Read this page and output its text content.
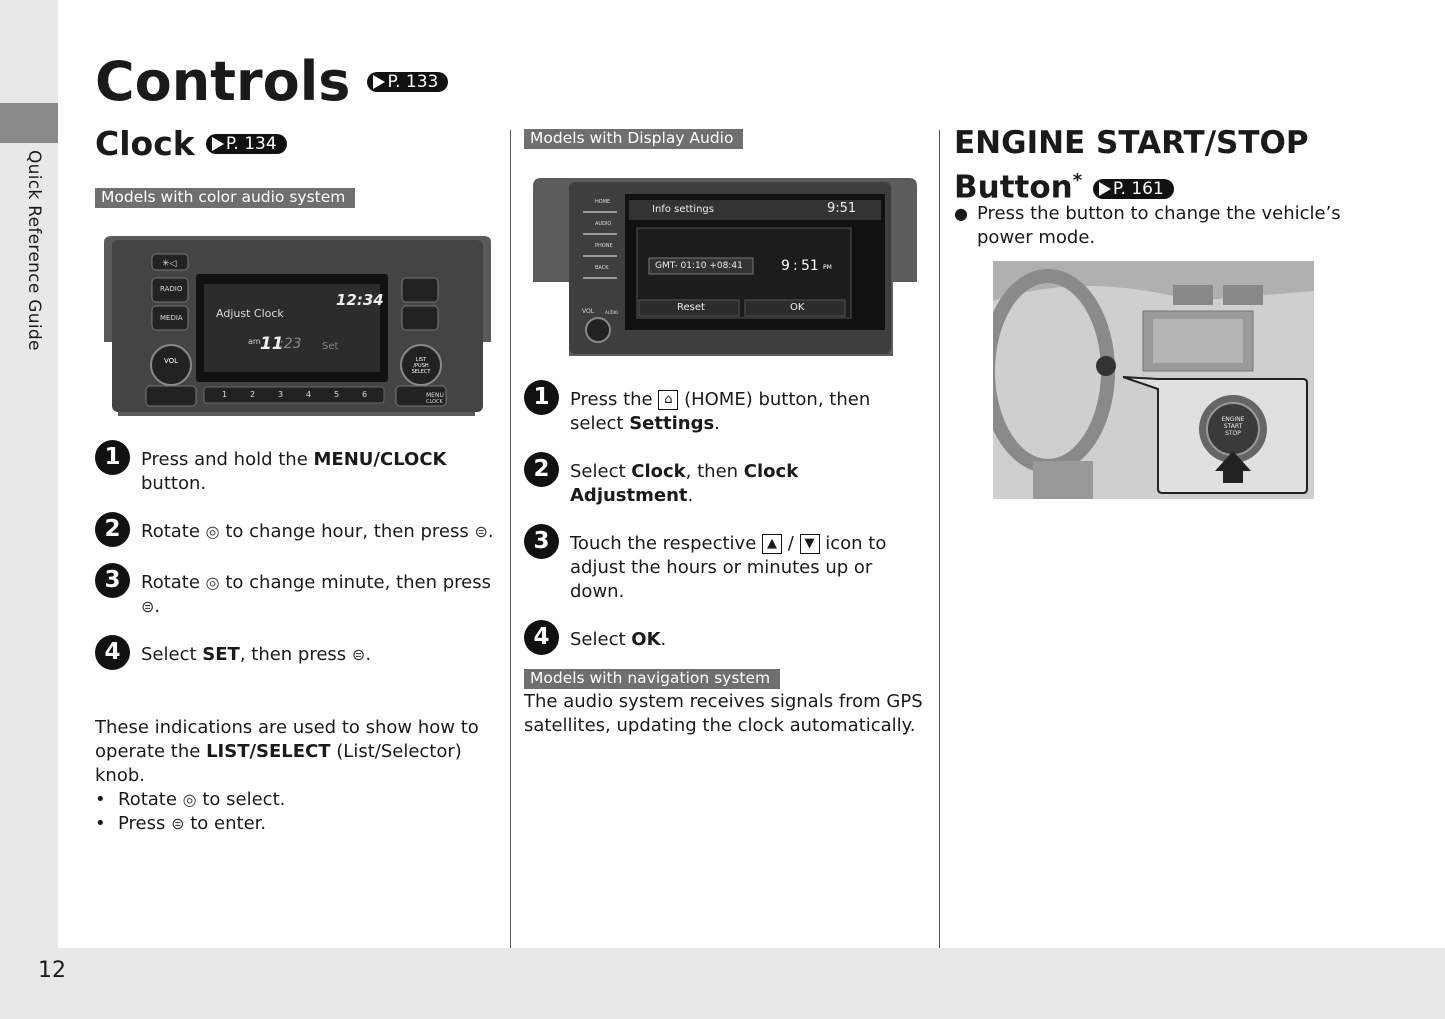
Quick Reference Guide
12
Controls P. 133
Clock P. 134
Models with color audio system
✳︎◁
RADIO
MEDIA
VOL
12:34
Adjust Clock
am 11
:23 Set
LIST /PUSH SELECT
MENU
CLOCK
1	2	3	4	5	6
1	Press and hold the MENU/CLOCK button.
2	Rotate ◎ to change hour, then press ⊜.
3	Rotate ◎ to change minute, then press ⊜.
4	Select SET, then press ⊜.
These indications are used to show how to operate the LIST/SELECT (List/Selector) knob.
• Rotate ◎ to select.
• Press ⊜ to enter.
Models with Display Audio
HOME
AUDIO
PHONE
BACK
VOL	AUDIO
Info settings	9:51
GMT- 01:10 +08:41	9 : 51 PM
Reset	OK
1	Press the ⌂ (HOME) button, then select Settings.
2	Select Clock, then Clock Adjustment.
3	Touch the respective ▲ / ▼ icon to adjust the hours or minutes up or down.
4	Select OK.
Models with navigation system
The audio system receives signals from GPS satellites, updating the clock automatically.
ENGINE START/STOP
Button* P. 161
● Press the button to change the vehicle’s power mode.
ENGINE
START
STOP
